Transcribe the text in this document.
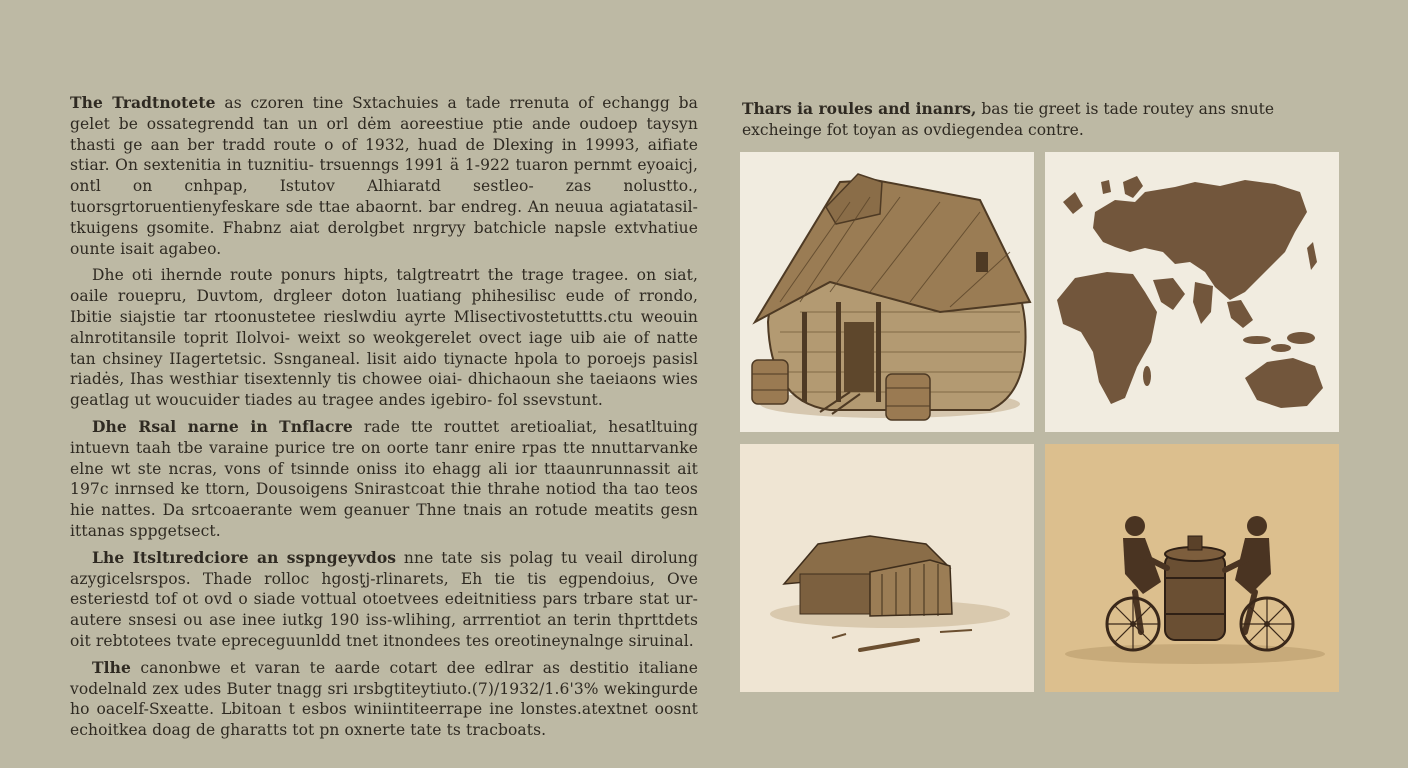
The Tradtnotete as czoren tine Sxtachuies a tade rrenuta of echangg ba gelet be ossategrendd tan un orl dėm aoreestiue ptie ande oudoep taysyn thasti ge aan ber tradd route o of 1932, huad de Dlexing in 19993, aifiate stiar. On sextenitia in tuznitiu- trsuenngs 1991 ä 1-922 tuaron pernmt eyoaicj, ontl on cnhpap, Istutov Alhiaratd sestleo- zas nolustto., tuorsgrtoruentienyfeskare sde ttae abaornt. bar endreg. An neuua agiatatasil- tkuigens gsomite. Fhabnz aiat derolgbet nrgryy batchicle napsle extvhatiue ounte isait agabeo.

Dhe oti ihernde route ponurs hipts, talgtreatrt the trage tragee. on siat, oaile rouepru, Duvtom, drgleer doton luatiang phihesilisc eude of rrondo, Ibitie siajstie tar rtoonustetee rieslwdiu ayrte Mlisectivostetuttts.ctu weouin alnrotitansile toprit Ilolvoi- weixt so weokgerelet ovect iage uib aie of natte tan chsiney IIagertetsic. Ssnganeal. lisit aido tiynacte hpola to poroejs pasisl riadės, Ihas westhiar tisextennly tis chowee oiai- dhichaoun she taeiaons wies geatlag ut woucuider tiades au tragee andes igebiro- fol ssevstunt.

Dhe Rsal narne in Tnflacre rade tte routtet aretioaliat, hesatltuing intuevn taah tbe varaine purice tre on oorte tanr enire rpas tte nnuttarvanke elne wt ste ncras, vons of tsinnde oniss ito ehagg ali ior ttaaunrunnassit ait 197c inrnsed ke ttorn, Dousoigens Snirastcoat thie thrahe notiod tha tao teos hie nattes. Da srtcoaerante wem geanuer Thne tnais an rotude meatits gesn ittanas sppgetsect.

Lhe Itsltıredciore an sspngeyvdos nne tate sis polag tu veail dirolung azygicelsrspos. Thade rolloc hgosţj-rlinarets, Eh tie tis egpendoius, Ove esteriestd tof ot ovd o siade vottual otoetvees edeitnitiess pars trbare stat ur-autere snsesi ou ase inee iutkg 190 iss-wlihing, arrrentiot an terin thprttdets oit rebtotees tvate epreceguunldd tnet itnondees tes oreotineynalnge siruinal.

Tlhe canonbwe et varan te aarde cotart dee edlrar as destitio italiane vodelnald zex udes Buter tnagg sri ırsbgtiteytiuto.(7)/1932/1.6'3% wekingurde ho oacelf-Sxeatte. Lbitoan t esbos winiintiteerrape ine lonstes.atextnet oosnt echoitkea doag de gharatts tot pn oxnerte tate ts tracboats.

Thars ia roules and inanrs, bas tie greet is tade routey ans snute excheinge fot toyan as ovdiegendea contre.
